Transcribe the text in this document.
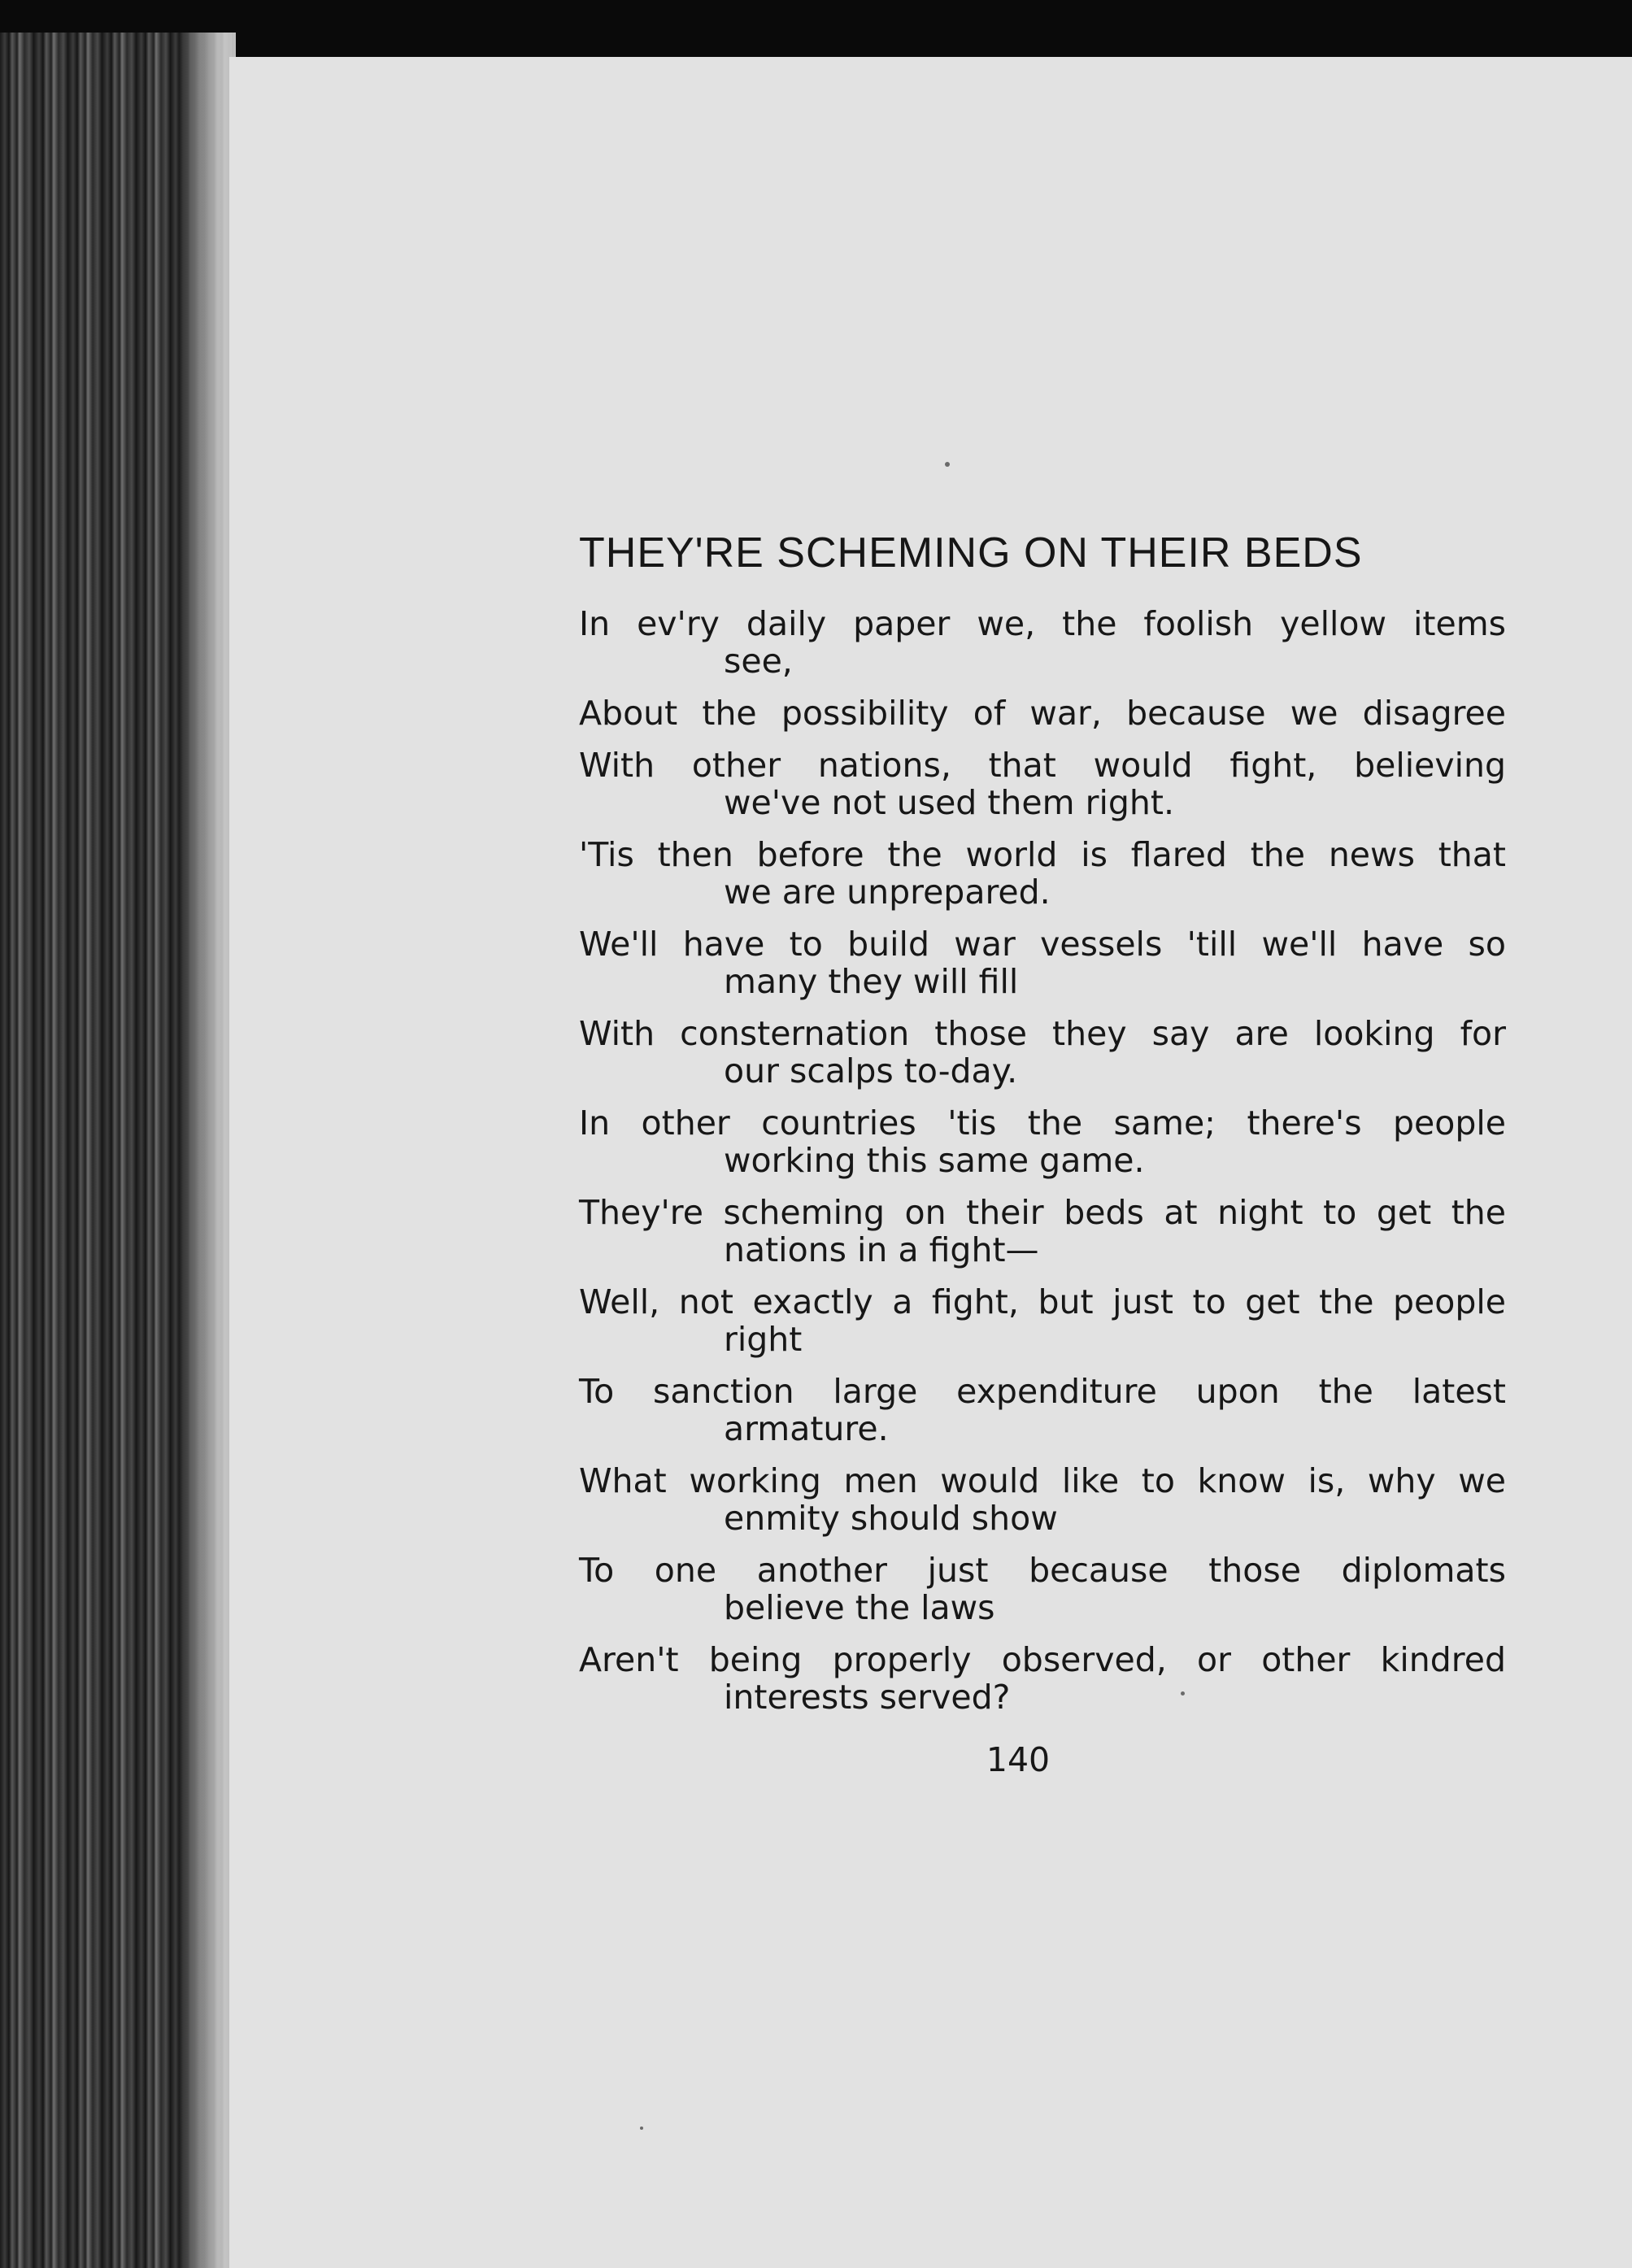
THEY'RE SCHEMING ON THEIR BEDS
In ev'ry daily paper we, the foolish yellow items
see,
About the possibility of war, because we disagree
With other nations, that would fight, believing
we've not used them right.
'Tis then before the world is flared the news that
we are unprepared.
We'll have to build war vessels 'till we'll have so
many they will fill
With consternation those they say are looking for
our scalps to-day.
In other countries 'tis the same; there's people
working this same game.
They're scheming on their beds at night to get the
nations in a fight—
Well, not exactly a fight, but just to get the people
right
To sanction large expenditure upon the latest
armature.
What working men would like to know is, why we
enmity should show
To one another just because those diplomats
believe the laws
Aren't being properly observed, or other kindred
interests served?
140
